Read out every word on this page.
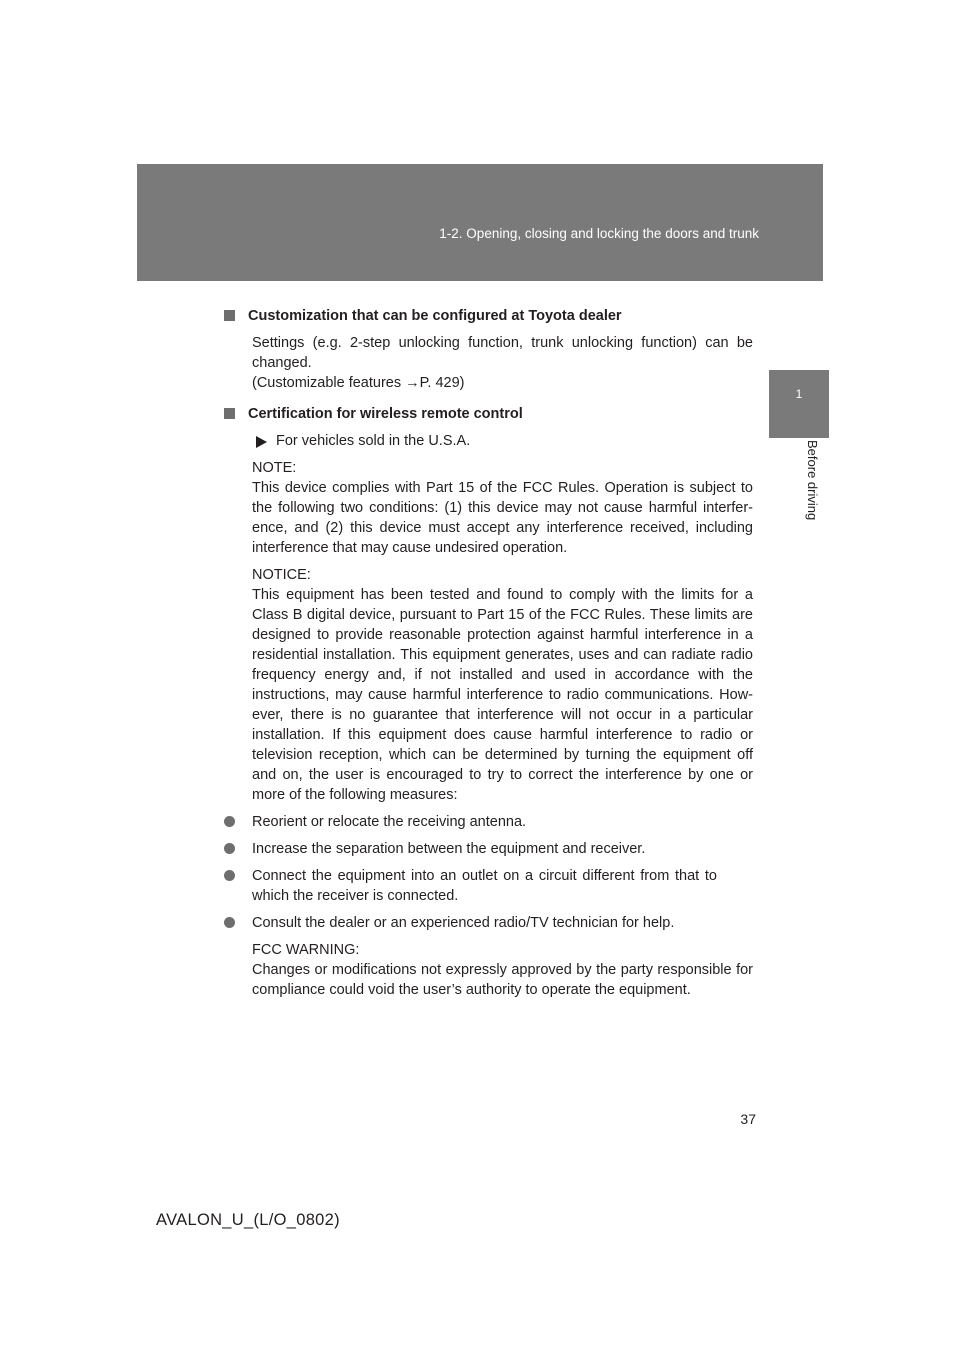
1-2. Opening, closing and locking the doors and trunk
1
Before driving

Customization that can be configured at Toyota dealer

Settings (e.g. 2-step unlocking function, trunk unlocking function) can be changed.

(Customizable features →P. 429)

Certification for wireless remote control

For vehicles sold in the U.S.A.

NOTE:

This device complies with Part 15 of the FCC Rules. Operation is subject to the following two conditions: (1) this device may not cause harmful interfer- ence, and (2) this device must accept any interference received, including interference that may cause undesired operation.

NOTICE:

This equipment has been tested and found to comply with the limits for a Class B digital device, pursuant to Part 15 of the FCC Rules. These limits are designed to provide reasonable protection against harmful interference in a residential installation. This equipment generates, uses and can radiate radio frequency energy and, if not installed and used in accordance with the instructions, may cause harmful interference to radio communications. How- ever, there is no guarantee that interference will not occur in a particular installation. If this equipment does cause harmful interference to radio or television reception, which can be determined by turning the equipment off and on, the user is encouraged to try to correct the interference by one or more of the following measures:

Reorient or relocate the receiving antenna.

Increase the separation between the equipment and receiver.

Connect the equipment into an outlet on a circuit different from that to which the receiver is connected.

Consult the dealer or an experienced radio/TV technician for help.

FCC WARNING:

Changes or modifications not expressly approved by the party responsible for compliance could void the user’s authority to operate the equipment.

37
AVALON_U_(L/O_0802)
